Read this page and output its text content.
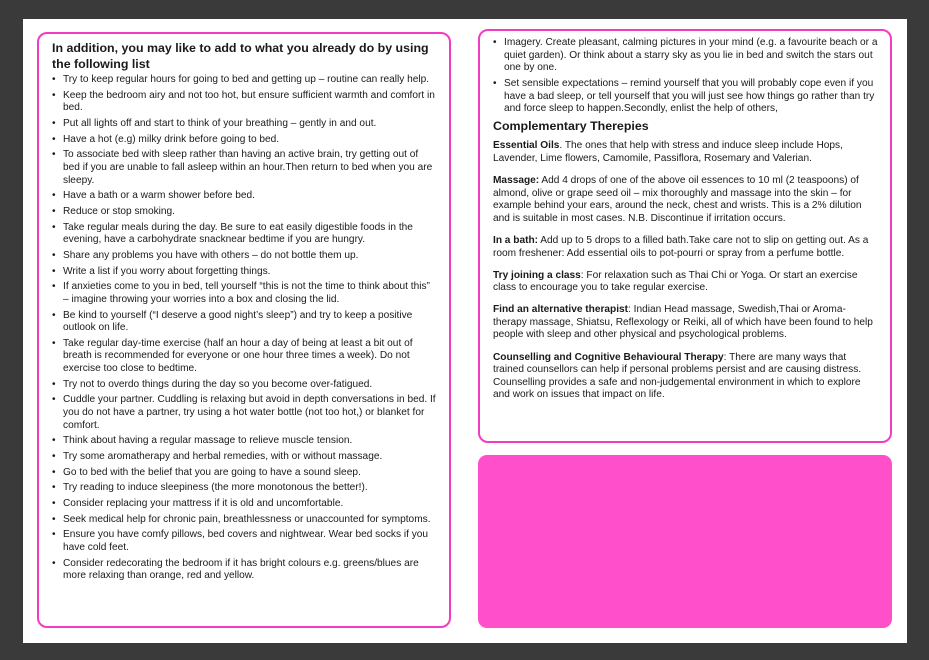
In addition, you may like to add to what you already do by using the following list
• Try to keep regular hours for going to bed and getting up – routine can really help.
• Keep the bedroom airy and not too hot, but ensure sufficient warmth and comfort in bed.
• Put all lights off and start to think of your breathing – gently in and out.
• Have a hot (e.g) milky drink before going to bed.
• To associate bed with sleep rather than having an active brain, try getting out of bed if you are unable to fall asleep within an hour.Then return to bed when you are sleepy.
• Have a bath or a warm shower before bed.
• Reduce or stop smoking.
• Take regular meals during the day. Be sure to eat easily digestible foods in the evening, have a carbohydrate snacknear bedtime if you are hungry.
• Share any problems you have with others – do not bottle them up.
• Write a list if you worry about forgetting things.
• If anxieties come to you in bed, tell yourself “this is not the time to think about this” – imagine throwing your worries into a box and closing the lid.
• Be kind to yourself (“I deserve a good night’s sleep”) and try to keep a positive outlook on life.
• Take regular day-time exercise (half an hour a day of being at least a bit out of breath is recommended for everyone or one hour three times a week). Do not exercise too close to bedtime.
• Try not to overdo things during the day so you become over-fatigued.
• Cuddle your partner. Cuddling is relaxing but avoid in depth conversations in bed. If you do not have a partner, try using a hot water bottle (not too hot,) or blanket for comfort.
• Think about having a regular massage to relieve muscle tension.
• Try some aromatherapy and herbal remedies, with or without massage.
• Go to bed with the belief that you are going to have a sound sleep.
• Try reading to induce sleepiness (the more monotonous the better!).
• Consider replacing your mattress if it is old and uncomfortable.
• Seek medical help for chronic pain, breathlessness or unaccounted for symptoms.
• Ensure you have comfy pillows, bed covers and nightwear. Wear bed socks if you have cold feet.
• Consider redecorating the bedroom if it has bright colours e.g. greens/blues are more relaxing than orange, red and yellow.
• Imagery. Create pleasant, calming pictures in your mind (e.g. a favourite beach or a quiet garden). Or think about a starry sky as you lie in bed and switch the stars out one by one.
• Set sensible expectations – remind yourself that you will probably cope even if you have a bad sleep, or tell yourself that you will just see how things go rather than try and force sleep to happen.Secondly, enlist the help of others,
Complementary Therepies

Essential Oils. The ones that help with stress and induce sleep include Hops, Lavender, Lime flowers, Camomile, Passiflora, Rosemary and Valerian.

Massage: Add 4 drops of one of the above oil essences to 10 ml (2 teaspoons) of almond, olive or grape seed oil – mix thoroughly and massage into the skin – for example behind your ears, around the neck, chest and wrists. This is a 2% dilution and is suitable in most cases. N.B. Discontinue if irritation occurs.

In a bath: Add up to 5 drops to a filled bath.Take care not to slip on getting out. As a room freshener: Add essential oils to pot-pourri or spray from a perfume bottle.

Try joining a class: For relaxation such as Thai Chi or Yoga. Or start an exercise class to encourage you to take regular exercise.

Find an alternative therapist: Indian Head massage, Swedish,Thai or Aroma-therapy massage, Shiatsu, Reflexology or Reiki, all of which have been found to help people with sleep and other physical and psychological problems.

Counselling and Cognitive Behavioural Therapy: There are many ways that trained counsellors can help if personal problems persist and are causing distress. Counselling provides a safe and non-judgemental environment in which to explore and work on issues that impact on life.
